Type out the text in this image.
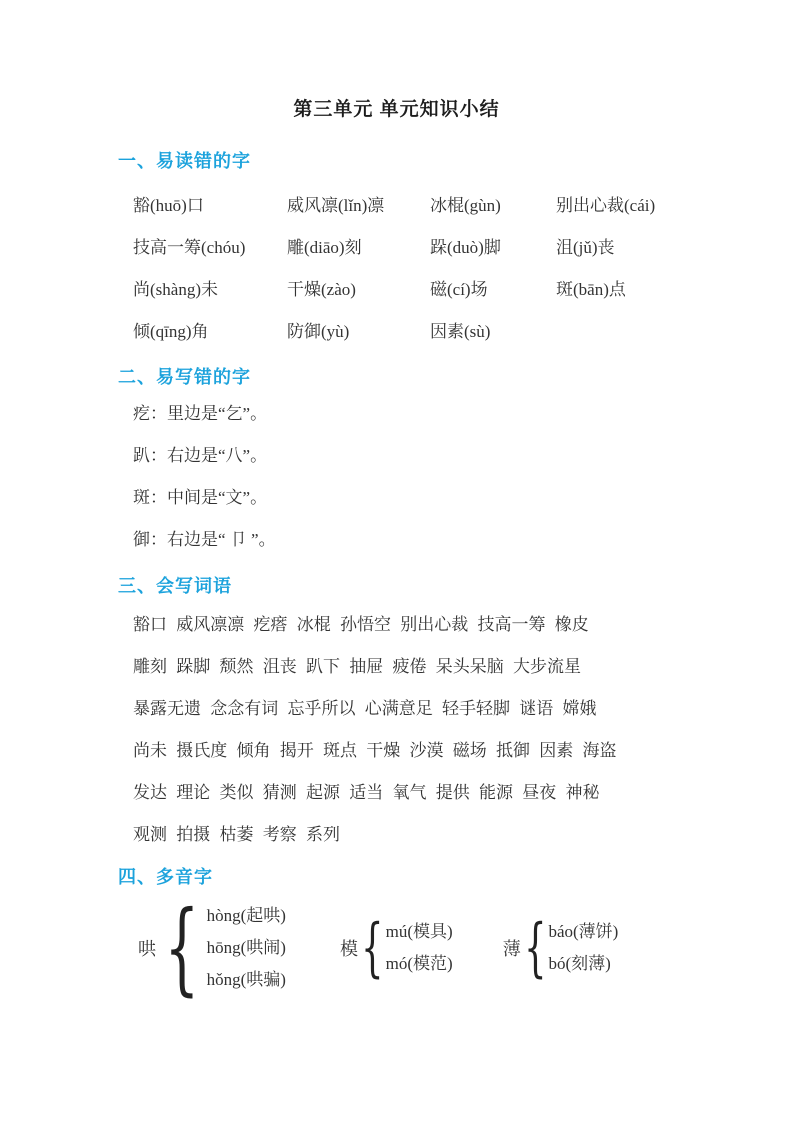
第三单元 单元知识小结
一、易读错的字
豁(huō)口	威风凛(lǐn)凛	冰棍(gùn)	别出心裁(cái)
技高一筹(chóu)	雕(diāo)刻	跺(duò)脚	沮(jǔ)丧
尚(shàng)未	干燥(zào)	磁(cí)场	斑(bān)点
倾(qīng)角	防御(yù)	因素(sù)
二、易写错的字

疙：里边是“乞”。

趴：右边是“八”。

斑：中间是“文”。

御：右边是“ 卩 ”。

三、会写词语

豁口 威风凛凛 疙瘩 冰棍 孙悟空 别出心裁 技高一筹 橡皮

雕刻 跺脚 颓然 沮丧 趴下 抽屉 疲倦 呆头呆脑 大步流星

暴露无遗 念念有词 忘乎所以 心满意足 轻手轻脚 谜语 嫦娥

尚未 摄氏度 倾角 揭开 斑点 干燥 沙漠 磁场 抵御 因素 海盗

发达 理论 类似 猜测 起源 适当 氧气 提供 能源 昼夜 神秘

观测 拍摄 枯萎 考察 系列

四、多音字
哄 { hòng(起哄)
hōng(哄闹)
hǒng(哄骗)
模 { mú(模具)
mó(模范)
薄 { báo(薄饼)
bó(刻薄)
